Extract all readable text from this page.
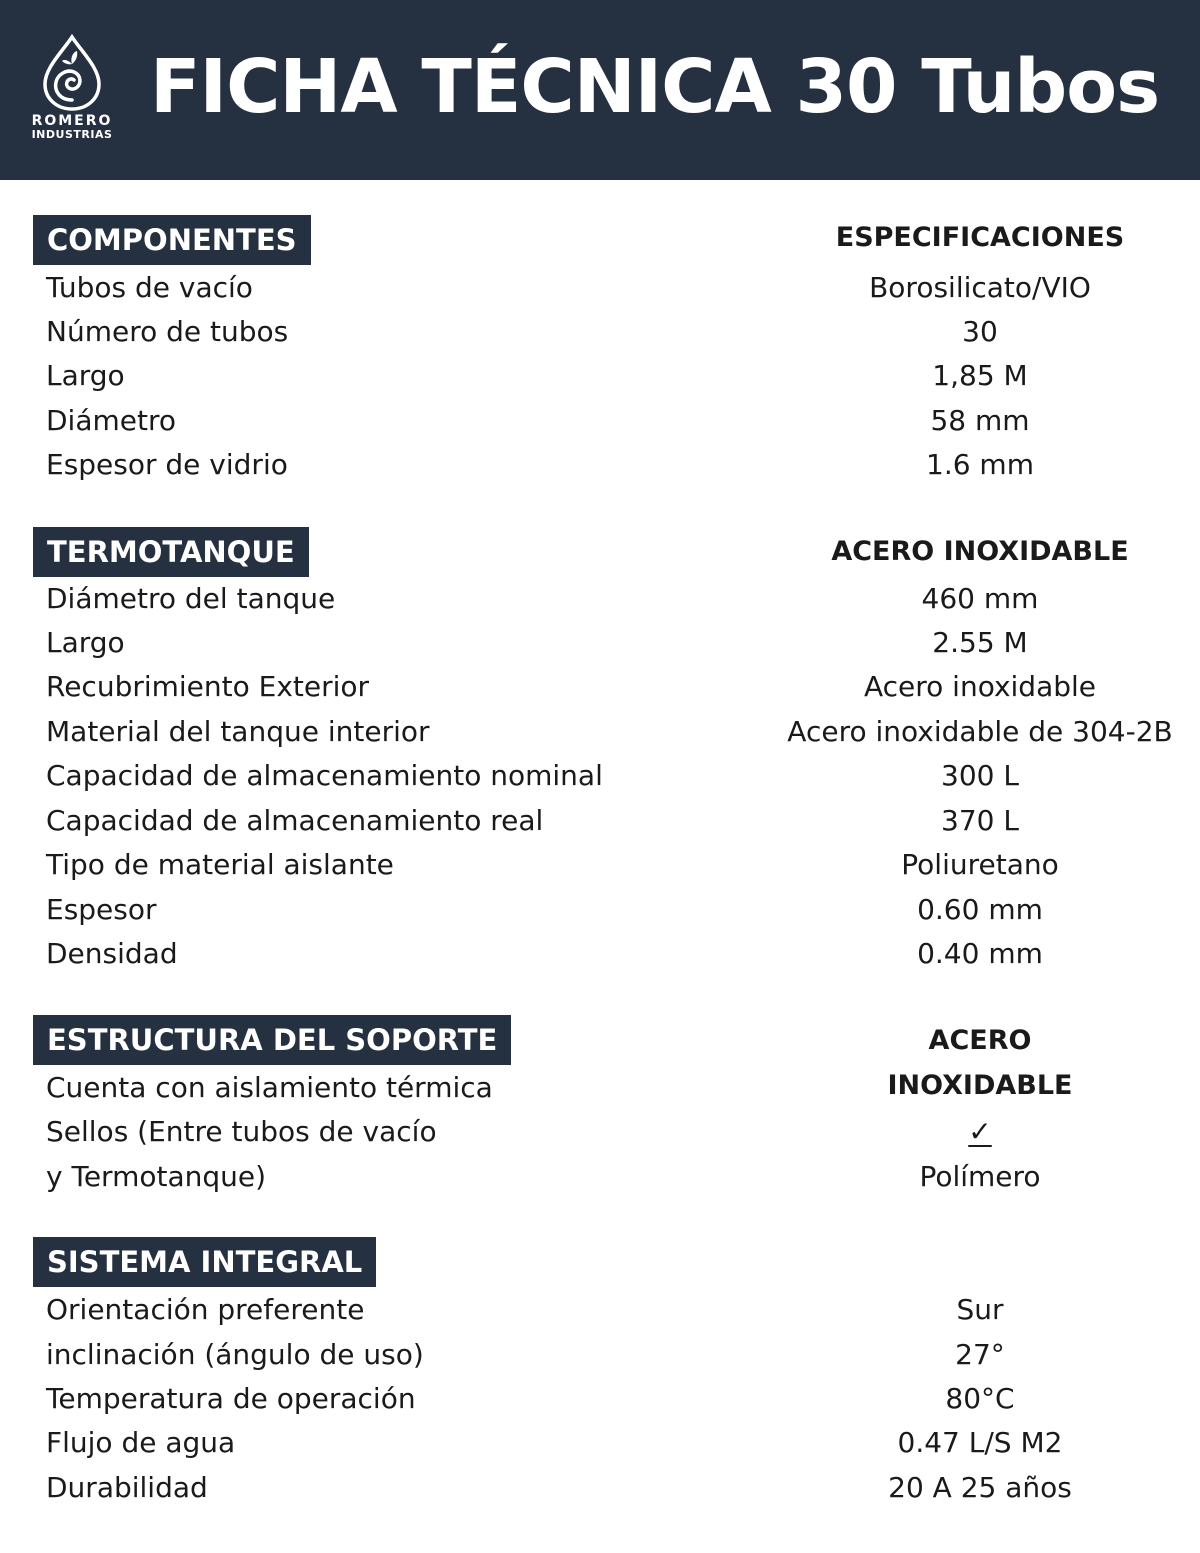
ROMERO
INDUSTRIAS
FICHA TÉCNICA 30 Tubos
COMPONENTES	ESPECIFICACIONES
Tubos de vacío	Borosilicato/VIO
Número de tubos	30
Largo	1,85 M
Diámetro	58 mm
Espesor de vidrio	1.6 mm
TERMOTANQUE	ACERO INOXIDABLE
Diámetro del tanque	460 mm
Largo	2.55 M
Recubrimiento Exterior	Acero inoxidable
Material del tanque interior	Acero inoxidable de 304-2B
Capacidad de almacenamiento nominal	300 L
Capacidad de almacenamiento real	370 L
Tipo de material aislante	Poliuretano
Espesor	0.60 mm
Densidad	0.40 mm
ESTRUCTURA DEL SOPORTE	ACERO
INOXIDABLE
Cuenta con aislamiento térmica
Sellos (Entre tubos de vacío	✓
y Termotanque)	Polímero
SISTEMA INTEGRAL
Orientación preferente	Sur
inclinación (ángulo de uso)	27°
Temperatura de operación	80°C
Flujo de agua	0.47 L/S M2
Durabilidad	20 A 25 años
